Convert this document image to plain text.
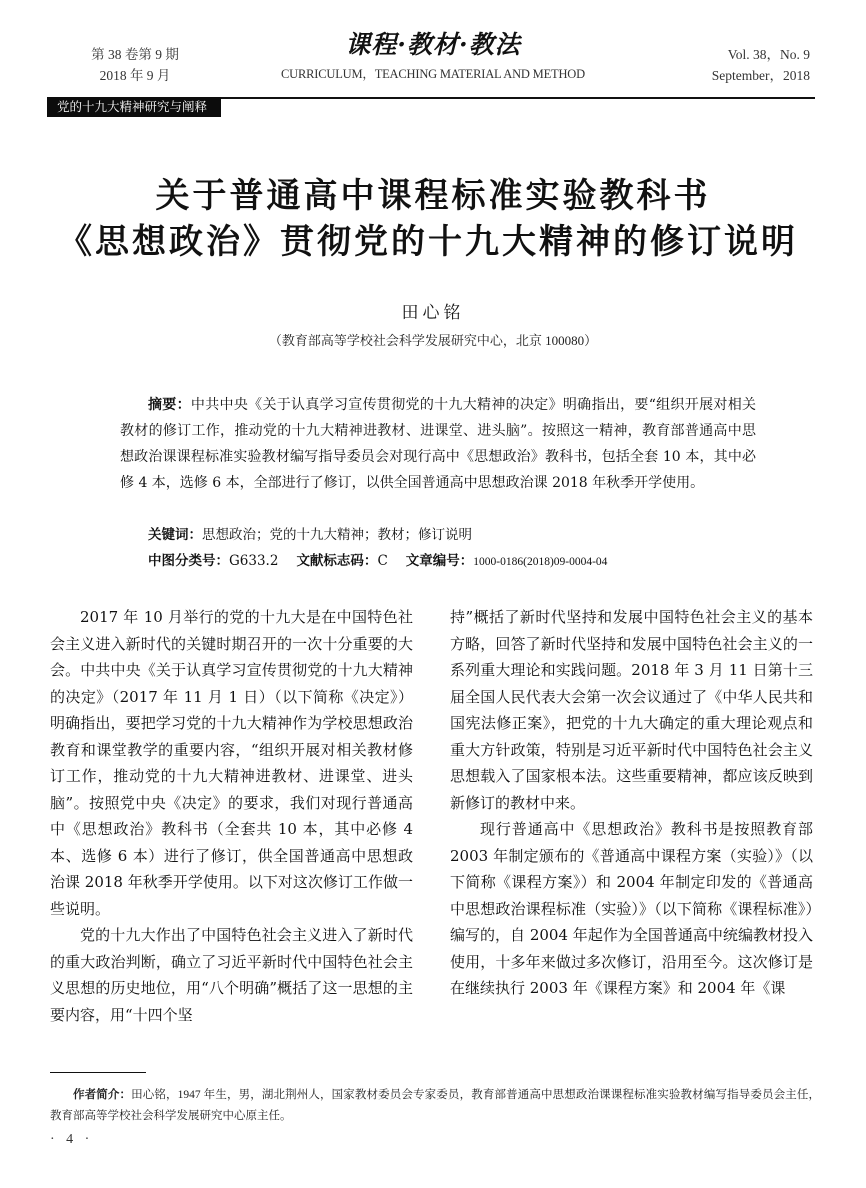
第 38 卷第 9 期
2018 年 9 月
课程·教材·教法
CURRICULUM，TEACHING MATERIAL AND METHOD
Vol. 38，No. 9
September，2018
党的十九大精神研究与阐释
关于普通高中课程标准实验教科书
《思想政治》贯彻党的十九大精神的修订说明
田心铭
（教育部高等学校社会科学发展研究中心，北京 100080）

摘要：中共中央《关于认真学习宣传贯彻党的十九大精神的决定》明确指出，要“组织开展对相关教材的修订工作，推动党的十九大精神进教材、进课堂、进头脑”。按照这一精神，教育部普通高中思想政治课课程标准实验教材编写指导委员会对现行高中《思想政治》教科书，包括全套 10 本，其中必修 4 本，选修 6 本，全部进行了修订，以供全国普通高中思想政治课 2018 年秋季开学使用。

关键词：思想政治；党的十九大精神；教材；修订说明
中图分类号：G633.2 文献标志码：C 文章编号：1000-0186(2018)09-0004-04

2017 年 10 月举行的党的十九大是在中国特色社会主义进入新时代的关键时期召开的一次十分重要的大会。中共中央《关于认真学习宣传贯彻党的十九大精神的决定》（2017 年 11 月 1 日）（以下简称《决定》）明确指出，要把学习党的十九大精神作为学校思想政治教育和课堂教学的重要内容，“组织开展对相关教材修订工作，推动党的十九大精神进教材、进课堂、进头脑”。按照党中央《决定》的要求，我们对现行普通高中《思想政治》教科书（全套共 10 本，其中必修 4 本、选修 6 本）进行了修订，供全国普通高中思想政治课 2018 年秋季开学使用。以下对这次修订工作做一些说明。

党的十九大作出了中国特色社会主义进入了新时代的重大政治判断，确立了习近平新时代中国特色社会主义思想的历史地位，用“八个明确”概括了这一思想的主要内容，用“十四个坚

持”概括了新时代坚持和发展中国特色社会主义的基本方略，回答了新时代坚持和发展中国特色社会主义的一系列重大理论和实践问题。2018 年 3 月 11 日第十三届全国人民代表大会第一次会议通过了《中华人民共和国宪法修正案》，把党的十九大确定的重大理论观点和重大方针政策，特别是习近平新时代中国特色社会主义思想载入了国家根本法。这些重要精神，都应该反映到新修订的教材中来。

现行普通高中《思想政治》教科书是按照教育部 2003 年制定颁布的《普通高中课程方案（实验）》（以下简称《课程方案》）和 2004 年制定印发的《普通高中思想政治课程标准（实验）》（以下简称《课程标准》）编写的，自 2004 年起作为全国普通高中统编教材投入使用，十多年来做过多次修订，沿用至今。这次修订是在继续执行 2003 年《课程方案》和 2004 年《课

作者简介：田心铭，1947 年生，男，湖北荆州人，国家教材委员会专家委员，教育部普通高中思想政治课课程标准实验教材编写指导委员会主任，教育部高等学校社会科学发展研究中心原主任。

· 4 ·
